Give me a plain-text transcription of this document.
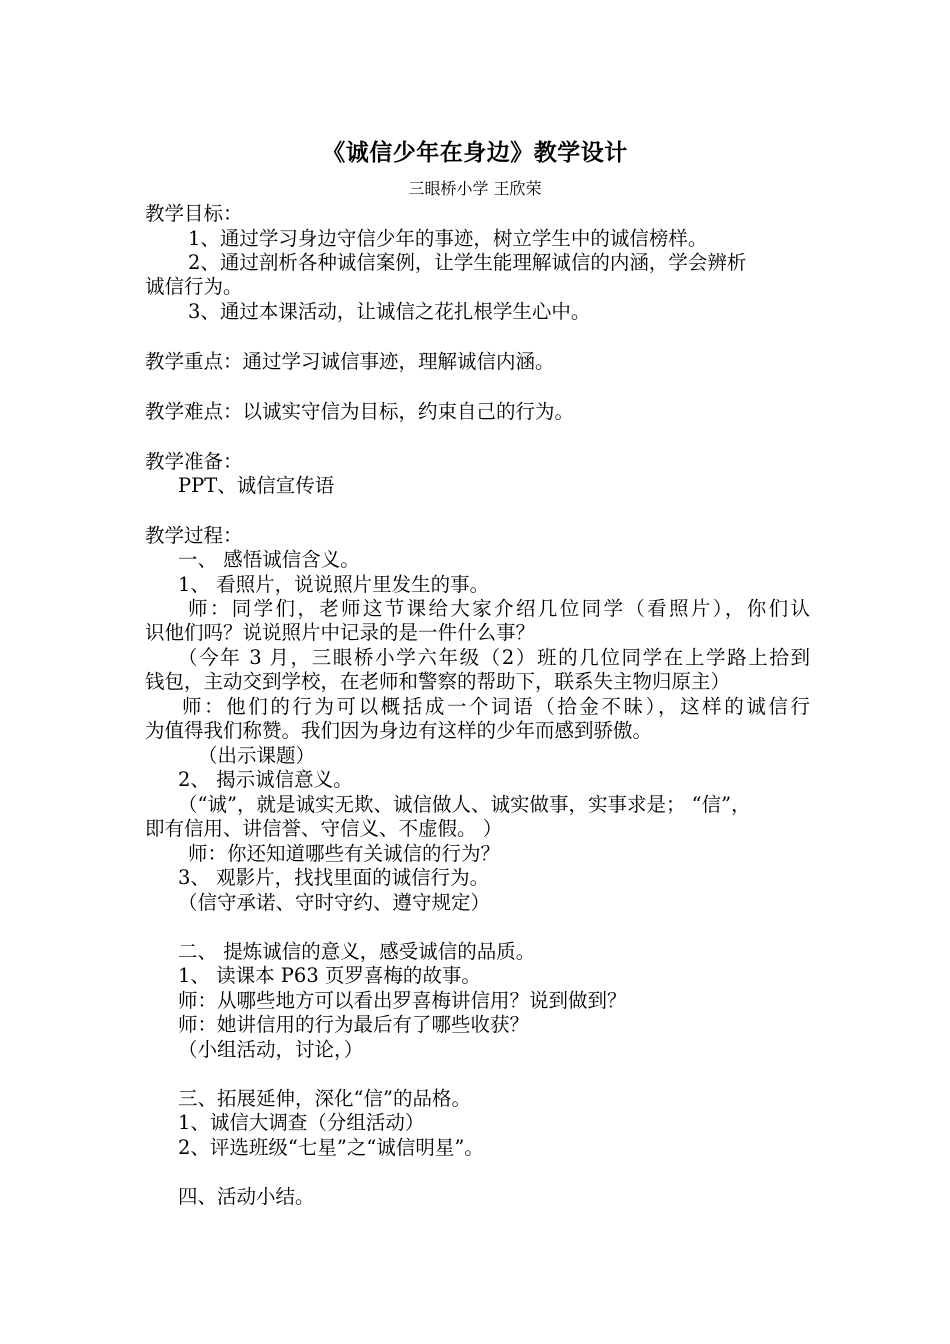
《诚信少年在身边》教学设计
三眼桥小学 王欣荣
教学目标：
1、通过学习身边守信少年的事迹，树立学生中的诚信榜样。
2、通过剖析各种诚信案例，让学生能理解诚信的内涵，学会辨析
诚信行为。
3、通过本课活动，让诚信之花扎根学生心中。
教学重点：通过学习诚信事迹，理解诚信内涵。
教学难点：以诚实守信为目标，约束自己的行为。
教学准备：
PPT、诚信宣传语
教学过程：
一、 感悟诚信含义。
1、 看照片，说说照片里发生的事。
师：同学们，老师这节课给大家介绍几位同学（看照片），你们认
识他们吗？说说照片中记录的是一件什么事？
（今年 3 月，三眼桥小学六年级（2）班的几位同学在上学路上拾到
钱包，主动交到学校，在老师和警察的帮助下，联系失主物归原主）
师：他们的行为可以概括成一个词语（拾金不昧），这样的诚信行
为值得我们称赞。我们因为身边有这样的少年而感到骄傲。
（出示课题）
2、 揭示诚信意义。
（“诚”，就是诚实无欺、诚信做人、诚实做事，实事求是； “信”，
即有信用、讲信誉、守信义、不虚假。 ）
师：你还知道哪些有关诚信的行为？
3、 观影片，找找里面的诚信行为。
（信守承诺、守时守约、遵守规定）
二、 提炼诚信的意义，感受诚信的品质。
1、 读课本 P63 页罗喜梅的故事。
师：从哪些地方可以看出罗喜梅讲信用？说到做到？
师：她讲信用的行为最后有了哪些收获？
（小组活动，讨论，）
三、拓展延伸，深化“信”的品格。
1、诚信大调查（分组活动）
2、评选班级“七星”之“诚信明星”。
四、活动小结。
